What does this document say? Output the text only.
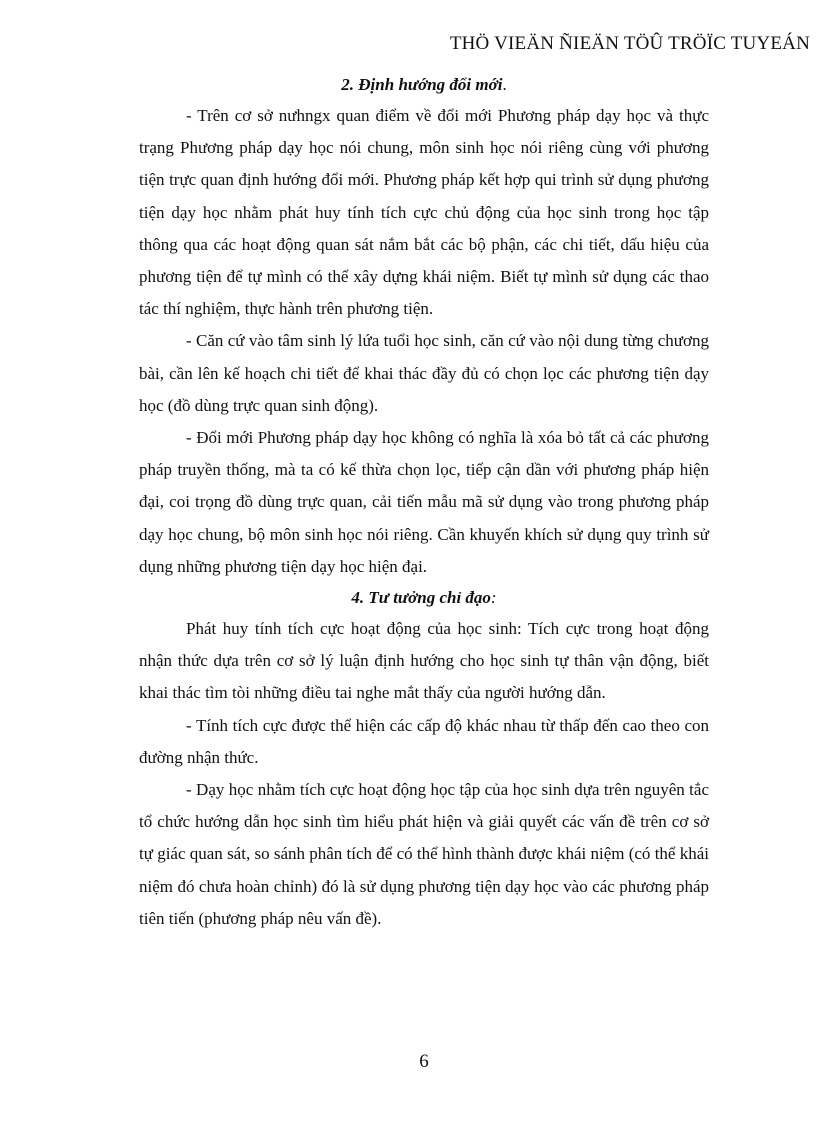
THÖ VIEÄN ÑIEÄN TÖÛ TRÖÏC TUYEÁN
2. Định hướng đổi mới.

- Trên cơ sở nưhngx quan điểm về đổi mới Phương pháp dạy học và thực trạng Phương pháp dạy học nói chung, môn sinh học nói riêng cùng với phương tiện trực quan định hướng đổi mới. Phương pháp kết hợp qui trình sử dụng phương tiện dạy học nhằm phát huy tính tích cực chủ động của học sinh trong học tập thông qua các hoạt động quan sát nắm bắt các bộ phận, các chi tiết, dấu hiệu của phương tiện để tự mình có thể xây dựng khái niệm. Biết tự mình sử dụng các thao tác thí nghiệm, thực hành trên phương tiện.

- Căn cứ vào tâm sinh lý lứa tuổi học sinh, căn cứ vào nội dung từng chương bài, cần lên kế hoạch chi tiết để khai thác đầy đủ có chọn lọc các phương tiện dạy học (đồ dùng trực quan sinh động).

- Đổi mới Phương pháp dạy học không có nghĩa là xóa bỏ tất cả các phương pháp truyền thống, mà ta có kế thừa chọn lọc, tiếp cận dần với phương pháp hiện đại, coi trọng đồ dùng trực quan, cải tiến mẫu mã sử dụng vào trong phương pháp dạy học chung, bộ môn sinh học nói riêng. Cần khuyến khích sử dụng quy trình sử dụng những phương tiện dạy học hiện đại.

4. Tư tưởng chỉ đạo:

Phát huy tính tích cực hoạt động của học sinh: Tích cực trong hoạt động nhận thức dựa trên cơ sở lý luận định hướng cho học sinh tự thân vận động, biết khai thác tìm tòi những điều tai nghe mắt thấy của người hướng dẫn.

- Tính tích cực được thể hiện các cấp độ khác nhau từ thấp đến cao theo con đường nhận thức.

- Dạy học nhằm tích cực hoạt động học tập của học sinh dựa trên nguyên tắc tổ chức hướng dẫn học sinh tìm hiểu phát hiện và giải quyết các vấn đề trên cơ sở tự giác quan sát, so sánh phân tích để có thể hình thành được khái niệm (có thể khái niệm đó chưa hoàn chỉnh) đó là sử dụng phương tiện dạy học vào các phương pháp tiên tiến (phương pháp nêu vấn đề).

6
